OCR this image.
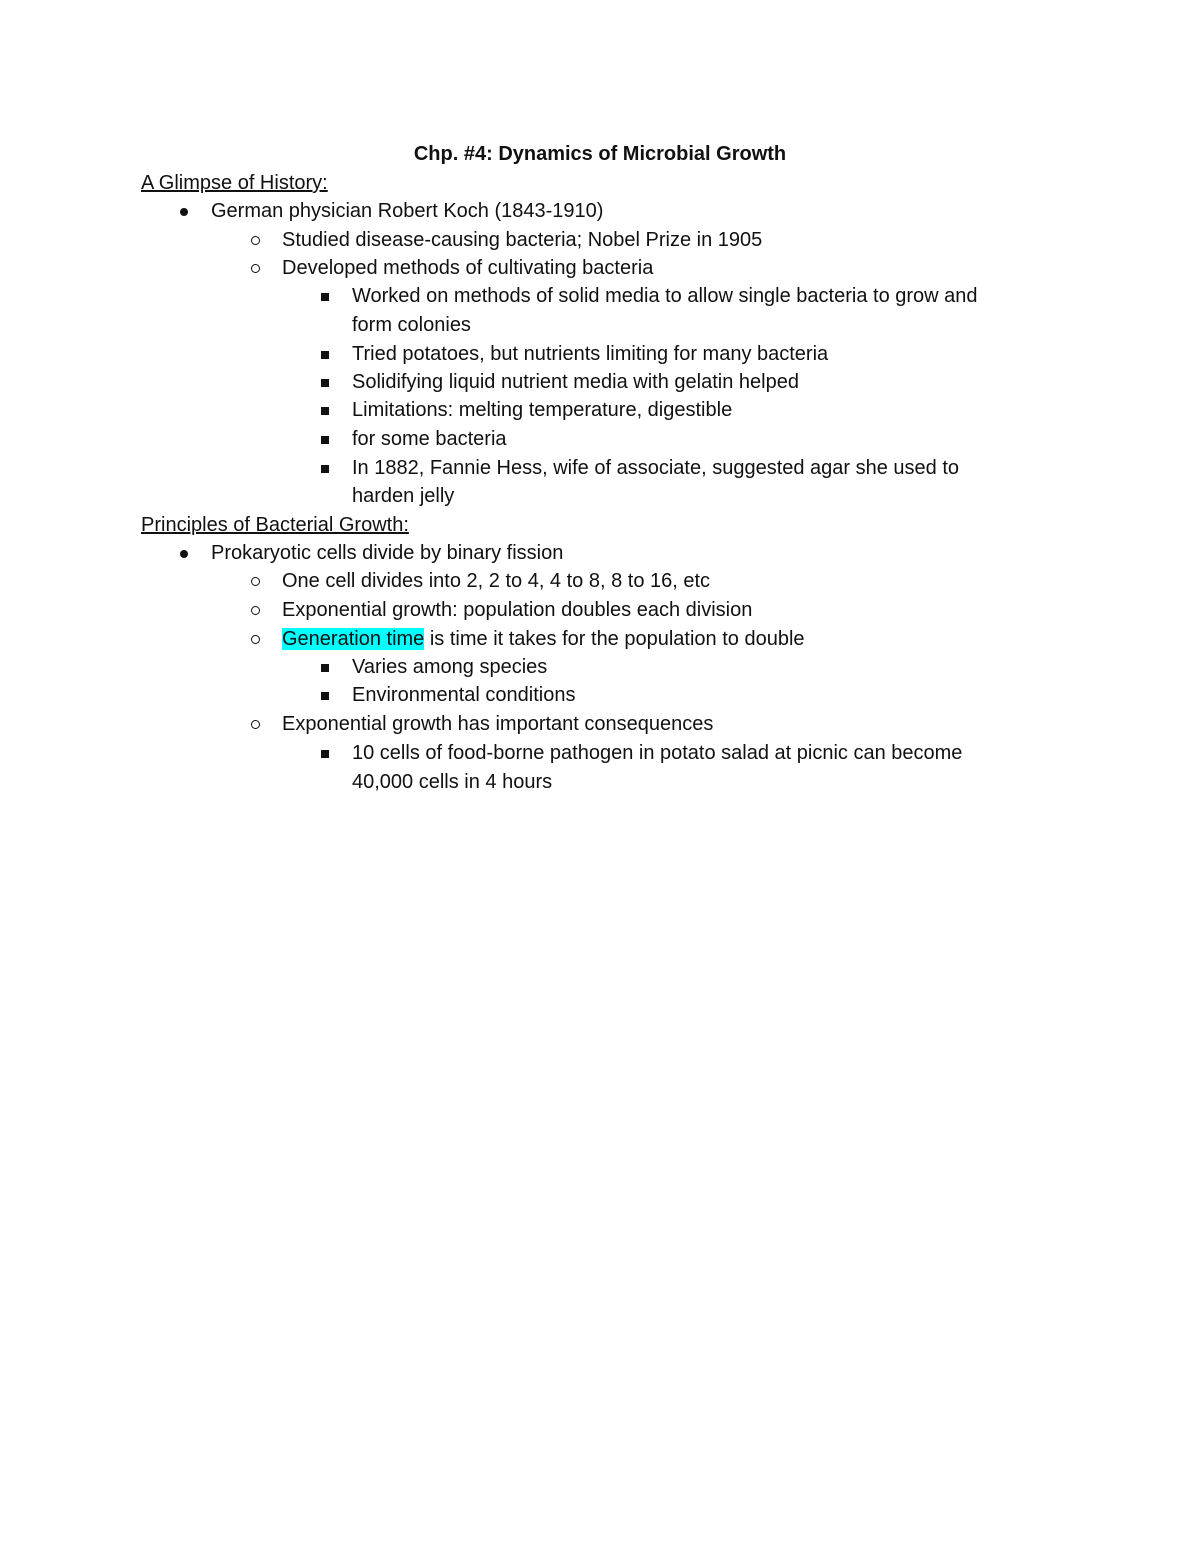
Chp. #4: Dynamics of Microbial Growth
A Glimpse of History:
German physician Robert Koch (1843-1910)
Studied disease-causing bacteria; Nobel Prize in 1905
Developed methods of cultivating bacteria
Worked on methods of solid media to allow single bacteria to grow and
form colonies
Tried potatoes, but nutrients limiting for many bacteria
Solidifying liquid nutrient media with gelatin helped
Limitations: melting temperature, digestible
for some bacteria
In 1882, Fannie Hess, wife of associate, suggested agar she used to
harden jelly
Principles of Bacterial Growth:
Prokaryotic cells divide by binary fission
One cell divides into 2, 2 to 4, 4 to 8, 8 to 16, etc
Exponential growth: population doubles each division
Generation time is time it takes for the population to double
Varies among species
Environmental conditions
Exponential growth has important consequences
10 cells of food-borne pathogen in potato salad at picnic can become
40,000 cells in 4 hours
